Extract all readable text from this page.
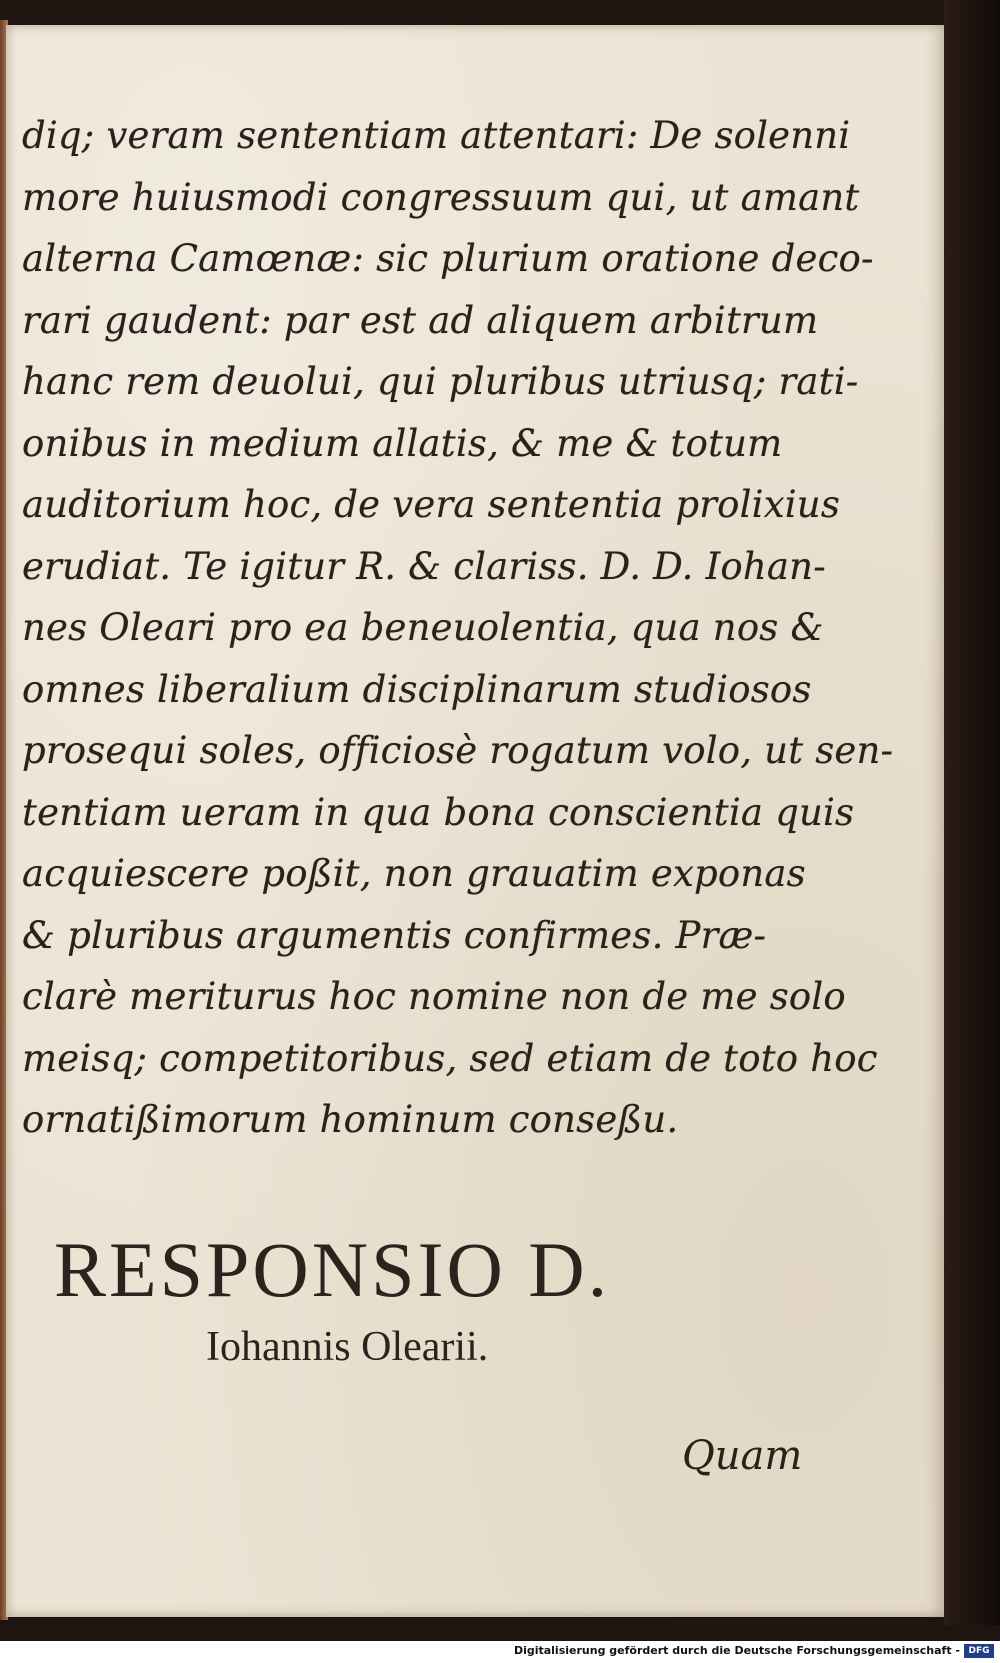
diq; veram sententiam attentari: De solenni
more huiusmodi congressuum qui, ut amant
alterna Camœnæ: sic plurium oratione deco-
rari gaudent: par est ad aliquem arbitrum
hanc rem deuolui, qui pluribus utriusq; rati-
onibus in medium allatis, & me & totum
auditorium hoc, de vera sententia prolixius
erudiat. Te igitur R. & clariss. D. D. Iohan-
nes Oleari pro ea beneuolentia, qua nos &
omnes liberalium disciplinarum studiosos
prosequi soles, officiosè rogatum volo, ut sen-
tentiam ueram in qua bona conscientia quis
acquiescere poßit, non grauatim exponas
& pluribus argumentis confirmes. Præ-
clarè meriturus hoc nomine non de me solo
meisq; competitoribus, sed etiam de toto hoc
ornatißimorum hominum conseßu.
RESPONSIO D.
Iohannis Olearii.
Quam
Digitalisierung gefördert durch die Deutsche Forschungsgemeinschaft - DFG
